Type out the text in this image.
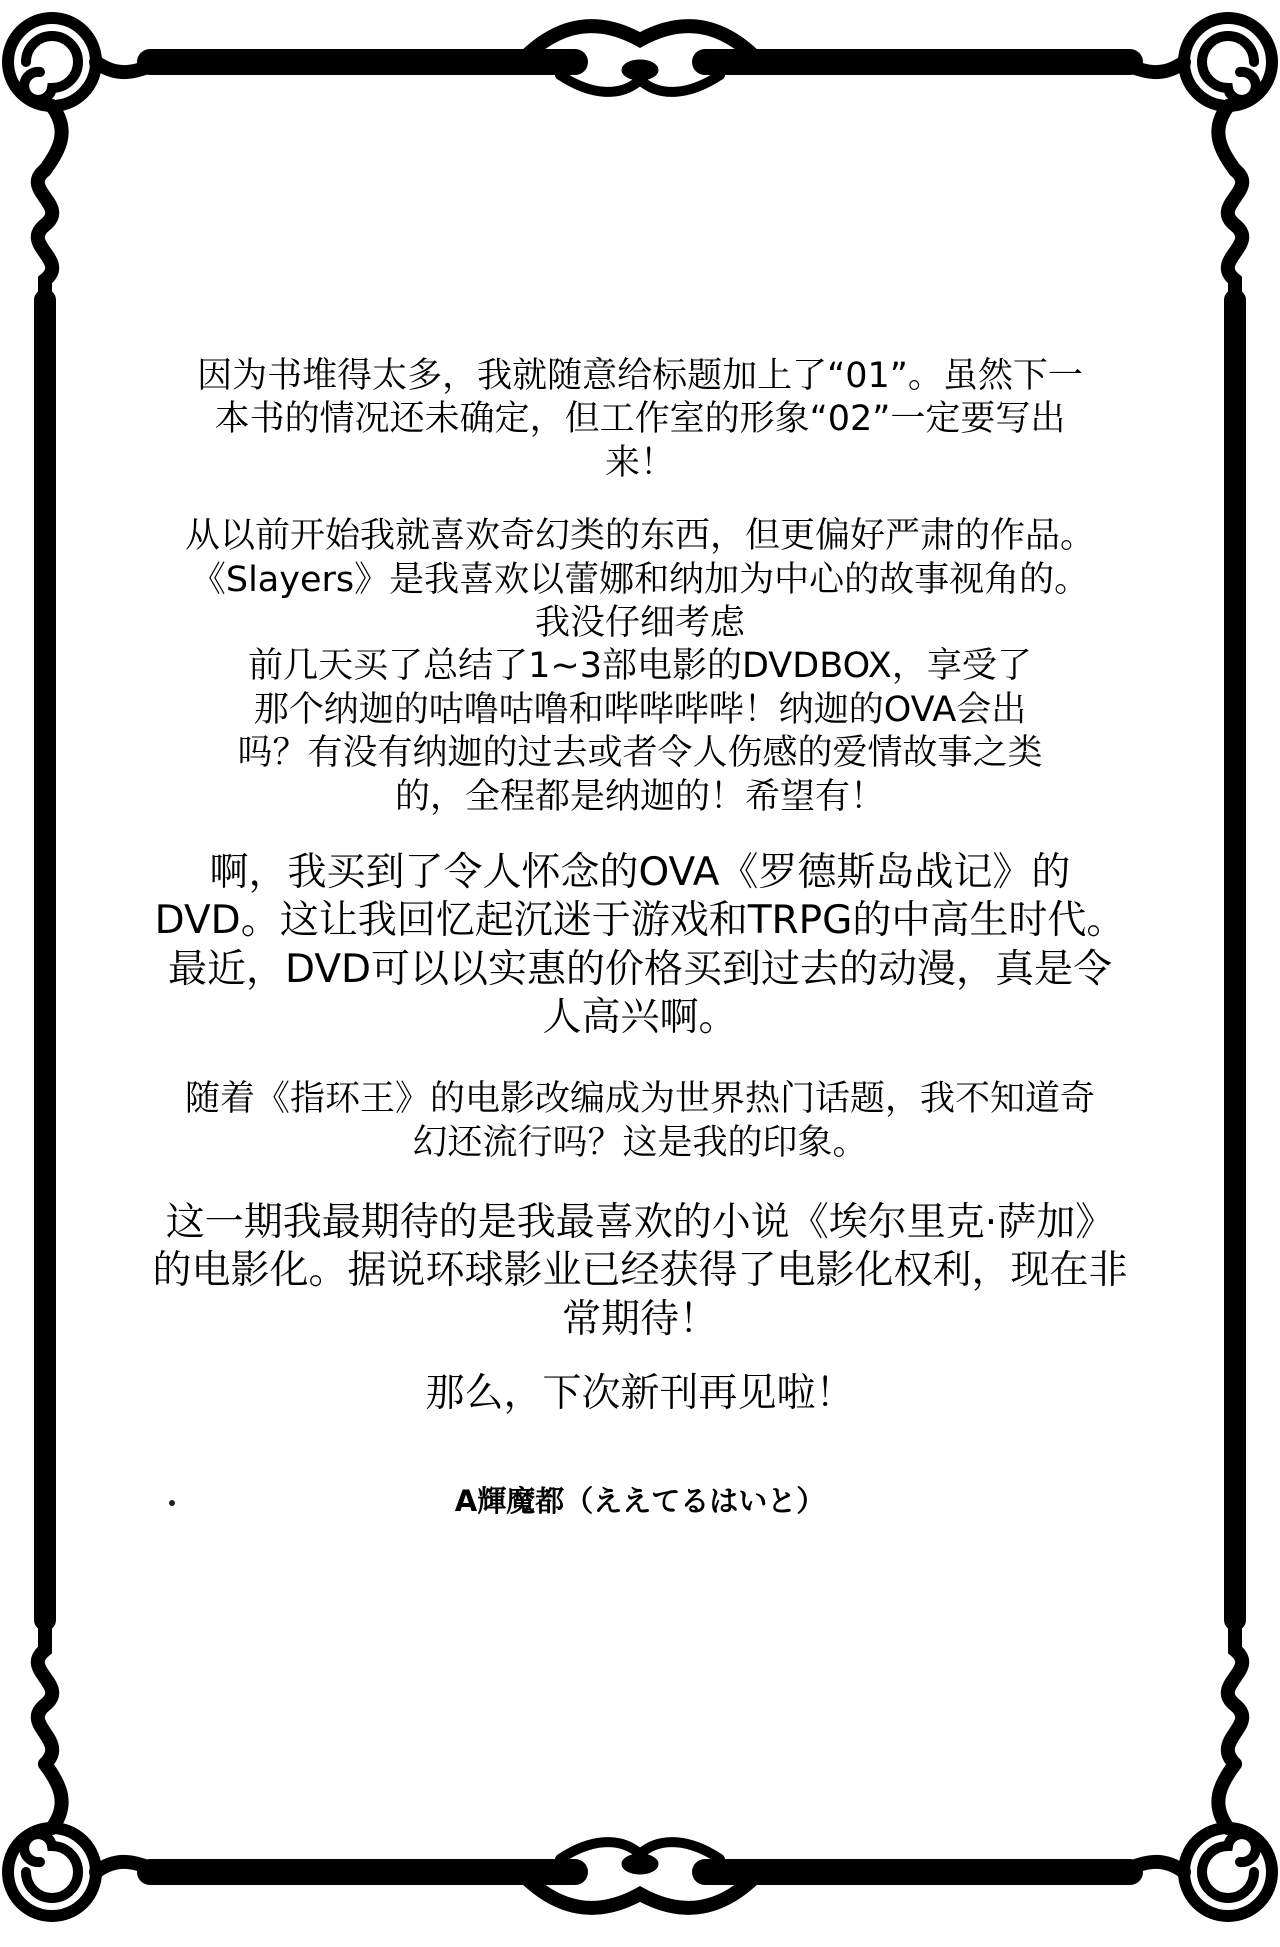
因为书堆得太多，我就随意给标题加上了“01”。虽然下一
本书的情况还未确定，但工作室的形象“02”一定要写出
来！

从以前开始我就喜欢奇幻类的东西，但更偏好严肃的作品。
《Slayers》是我喜欢以蕾娜和纳加为中心的故事视角的。
我没仔细考虑
前几天买了总结了1~3部电影的DVDBOX，享受了
那个纳迦的咕噜咕噜和哔哔哔哔！纳迦的OVA会出
吗？有没有纳迦的过去或者令人伤感的爱情故事之类
的，全程都是纳迦的！希望有！

啊，我买到了令人怀念的OVA《罗德斯岛战记》的
DVD。这让我回忆起沉迷于游戏和TRPG的中高生时代。
最近，DVD可以以实惠的价格买到过去的动漫，真是令
人高兴啊。

随着《指环王》的电影改编成为世界热门话题，我不知道奇
幻还流行吗？这是我的印象。

这一期我最期待的是我最喜欢的小说《埃尔里克·萨加》
的电影化。据说环球影业已经获得了电影化权利，现在非
常期待！

那么，下次新刊再见啦！

A輝魔都（ええてるはいと）
